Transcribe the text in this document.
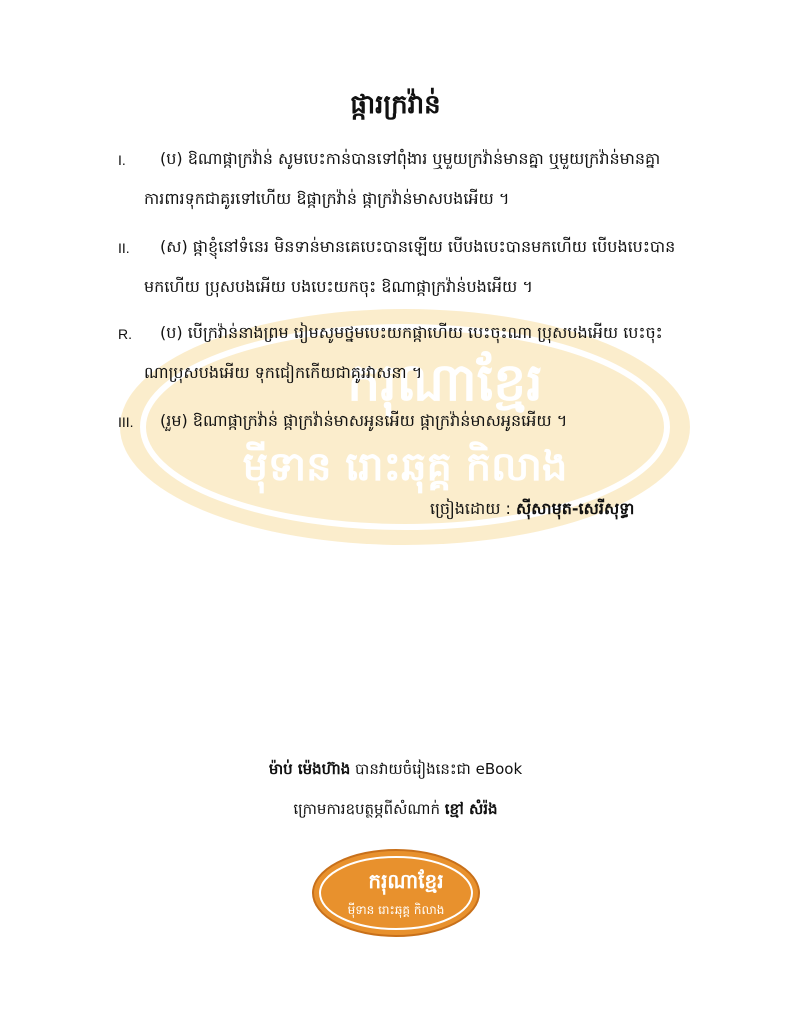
ករុណាខ្មែរ
ម៉ីទាន រោះឆុគ្គ កិលាង
ផ្ការក្រវ៉ាន់
I. (ប) ឱណាផ្កាក្រវ៉ាន់ សូមបេះកាន់បានទៅពុំងារ ឬមួយក្រវ៉ាន់មានគ្នា ឬមួយក្រវ៉ាន់មានគ្នា
ការពារទុកជាគូរទៅហើយ ឱផ្កាក្រវ៉ាន់ ផ្កាក្រវ៉ាន់មាសបងអើយ ។
II. (ស) ផ្កាខ្ញុំនៅទំនេរ មិនទាន់មានគេបេះបានឡើយ បើបងបេះបានមកហើយ បើបងបេះបាន
មកហើយ ប្រុសបងអើយ បងបេះយកចុះ ឱណាផ្កាក្រវ៉ាន់បងអើយ ។
R. (ប) បើក្រវ៉ាន់នាងព្រម រៀមសូមថ្នមបេះយកផ្កាហើយ បេះចុះណា ប្រុសបងអើយ បេះចុះ
ណាប្រុសបងអើយ ទុកជៀកកើយជាគូរវាសនា ។
III. (រួម) ឱណាផ្កាក្រវ៉ាន់ ផ្កាក្រវ៉ាន់មាសអូនអើយ ផ្កាក្រវ៉ាន់មាសអូនអើយ ។
ច្រៀងដោយ : ស៊ីសាមុត-សេរីសុទ្ធា
ម៉ាប់ ម៉េងហ៊ាង បានវាយចំរៀងនេះជា eBook
ក្រោមការឧបត្ថម្ភពីសំណាក់ ខ្មៅ សំរ៉ង
ករុណាខ្មែរ
ម៉ីទាន រោះឆុគ្គ កិលាង
